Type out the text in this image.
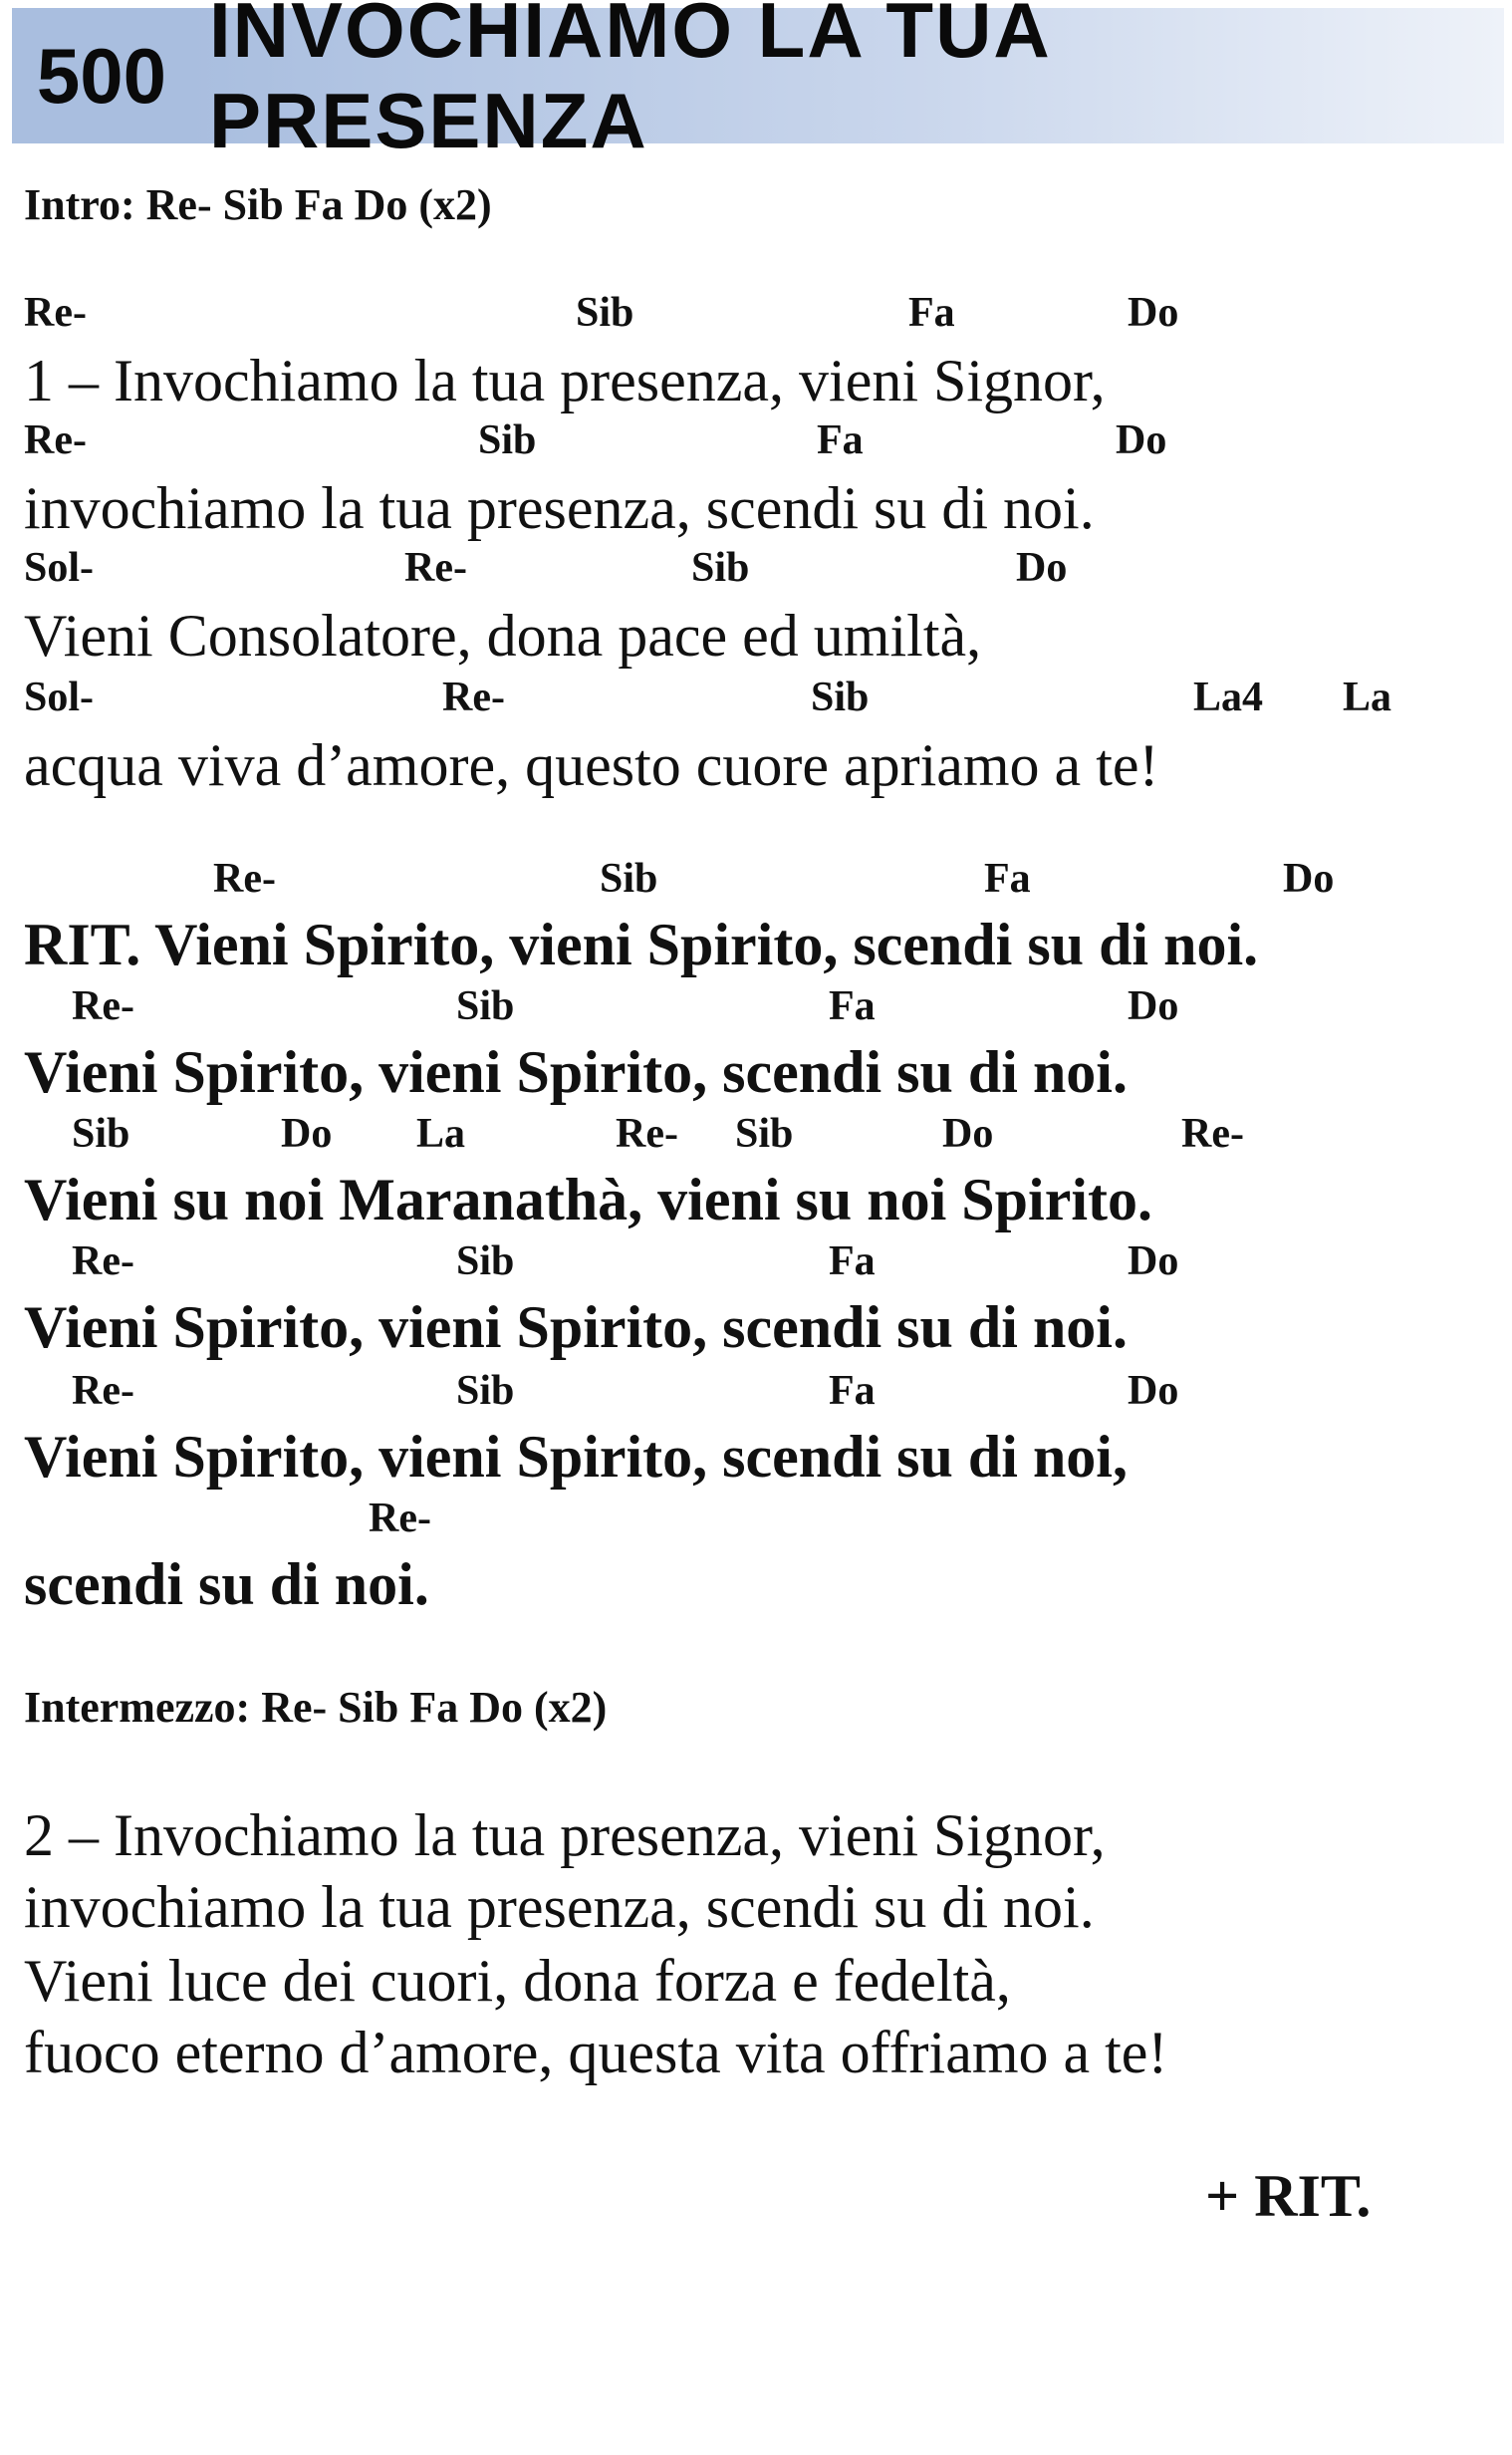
500
INVOCHIAMO LA TUA PRESENZA
Intro: Re- Sib Fa Do (x2)
Re-	Sib	Fa	Do
1 – Invochiamo la tua presenza, vieni Signor,
Re-	Sib	Fa	Do
invochiamo la tua presenza, scendi su di noi.
Sol-	Re-	Sib	Do
Vieni Consolatore, dona pace ed umiltà,
Sol-	Re-	Sib	La4 La
acqua viva d’amore, questo cuore apriamo a te!
Re-	Sib	Fa	Do
RIT. Vieni Spirito, vieni Spirito, scendi su di noi.
Re-	Sib	Fa	Do
Vieni Spirito, vieni Spirito, scendi su di noi.
Sib	Do La	Re- Sib	Do	Re-
Vieni su noi Maranathà, vieni su noi Spirito.
Re-	Sib	Fa	Do
Vieni Spirito, vieni Spirito, scendi su di noi.
Re-	Sib	Fa	Do
Vieni Spirito, vieni Spirito, scendi su di noi,
Re-
scendi su di noi.
Intermezzo: Re- Sib Fa Do (x2)
2 – Invochiamo la tua presenza, vieni Signor,
invochiamo la tua presenza, scendi su di noi.
Vieni luce dei cuori, dona forza e fedeltà,
fuoco eterno d’amore, questa vita offriamo a te!
+ RIT.
